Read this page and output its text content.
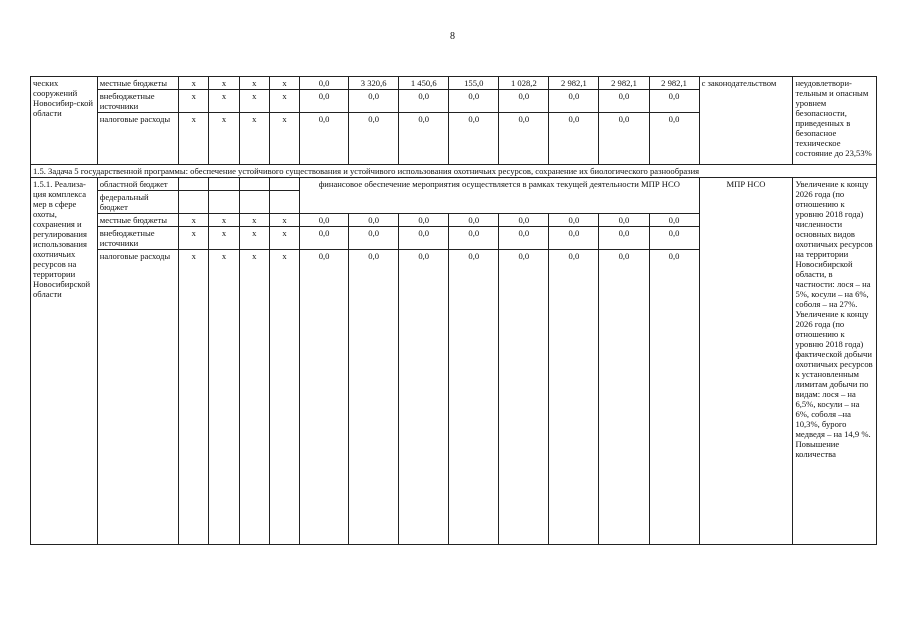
8
ческих сооружений Новосибир-ской области	местные бюджеты	x	x	x	x	0,0	3 320,6	1 450,6	155,0	1 028,2	2 982,1	2 982,1	2 982,1	с законодательством	неудовлетвори-тельным и опасным уровнем безопасности, приведенных в безопасное техническое состояние до 23,53%
	внебюджетные источники	x	x	x	x	0,0	0,0	0,0	0,0	0,0	0,0	0,0	0,0		
	налоговые расходы	x	x	x	x	0,0	0,0	0,0	0,0	0,0	0,0	0,0	0,0		
1.5. Задача 5 государственной программы: обеспечение устойчивого существования и устойчивого использования охотничьих ресурсов, сохранение их биологического разнообразия															
1.5.1. Реализа-ция комплекса мер в сфере охоты, сохранения и регулирования использования охотничьих ресурсов на территории Новосибирской области	областной бюджет					финансовое обеспечение мероприятия осуществляется в рамках текущей деятельности МПР НСО								МПР НСО	Увеличение к концу 2026 года (по отношению к уровню 2018 года) численности основных видов охотничьих ресурсов на территории Новосибирской области, в частности: лося – на 5%, косули – на 6%, соболя – на 27%. Увеличение к концу 2026 года (по отношению к уровню 2018 года) фактической добычи охотничьих ресурсов к установленным лимитам добычи по видам: лося – на 6,5%, косули – на 6%, соболя –на 10,3%, бурого медведя – на 14,9 %. Повышение количества
	федеральный бюджет														
	местные бюджеты	x	x	x	x	0,0	0,0	0,0	0,0	0,0	0,0	0,0	0,0		
	внебюджетные источники	x	x	x	x	0,0	0,0	0,0	0,0	0,0	0,0	0,0	0,0		
	налоговые расходы	x	x	x	x	0,0	0,0	0,0	0,0	0,0	0,0	0,0	0,0		
